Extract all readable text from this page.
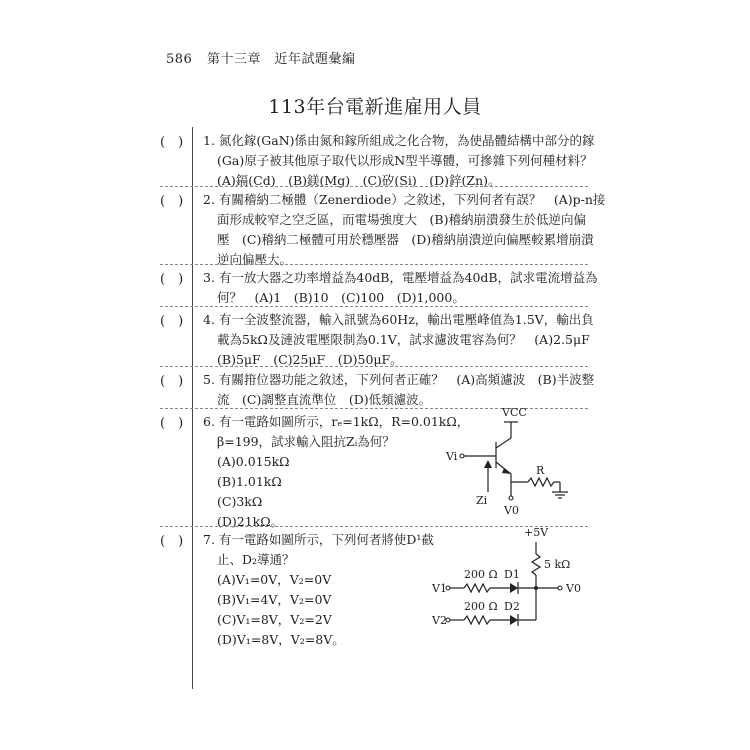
586 第十三章　近年試題彙編
113年台電新進雇用人員
(　)	1. 氮化鎵(GaN)係由氮和鎵所組成之化合物，為使晶體結構中部分的鎵
(Ga)原子被其他原子取代以形成N型半導體，可摻雜下列何種材料？
(A)鎘(Cd)　(B)鎂(Mg)　(C)矽(Si)　(D)鋅(Zn)。
(　)	2. 有關稽納二極體（Zenerdiode）之敘述，下列何者有誤？　(A)p-n接
面形成較窄之空乏區，而電場強度大　(B)稽納崩潰發生於低逆向偏
壓　(C)稽納二極體可用於穩壓器　(D)稽納崩潰逆向偏壓較累增崩潰
逆向偏壓大。
(　)	3. 有一放大器之功率增益為40dB，電壓增益為40dB，試求電流增益為
何？　(A)1　(B)10　(C)100　(D)1,000。
(　)	4. 有一全波整流器，輸入訊號為60Hz，輸出電壓峰值為1.5V，輸出負
載為5kΩ及漣波電壓限制為0.1V，試求濾波電容為何？　(A)2.5μF
(B)5μF　(C)25μF　(D)50μF。
(　)	5. 有關箝位器功能之敘述，下列何者正確？　(A)高頻濾波　(B)半波整
流　(C)調整直流準位　(D)低頻濾波。
(　)	6. 有一電路如圖所示，rₑ=1kΩ，R=0.01kΩ，
β=199，試求輸入阻抗Zᵢ為何？
(A)0.015kΩ
(B)1.01kΩ
(C)3kΩ
(D)21kΩ。
VCC
Vi
Zi
R
V0
(　)	7. 有一電路如圖所示，下列何者將使D¹截
止、D₂導通？
(A)V₁=0V，V₂=0V
(B)V₁=4V，V₂=0V
(C)V₁=8V，V₂=2V
(D)V₁=8V，V₂=8V。
+5V
5 kΩ
200 Ω D1
200 Ω D2
V1
V2
V0
